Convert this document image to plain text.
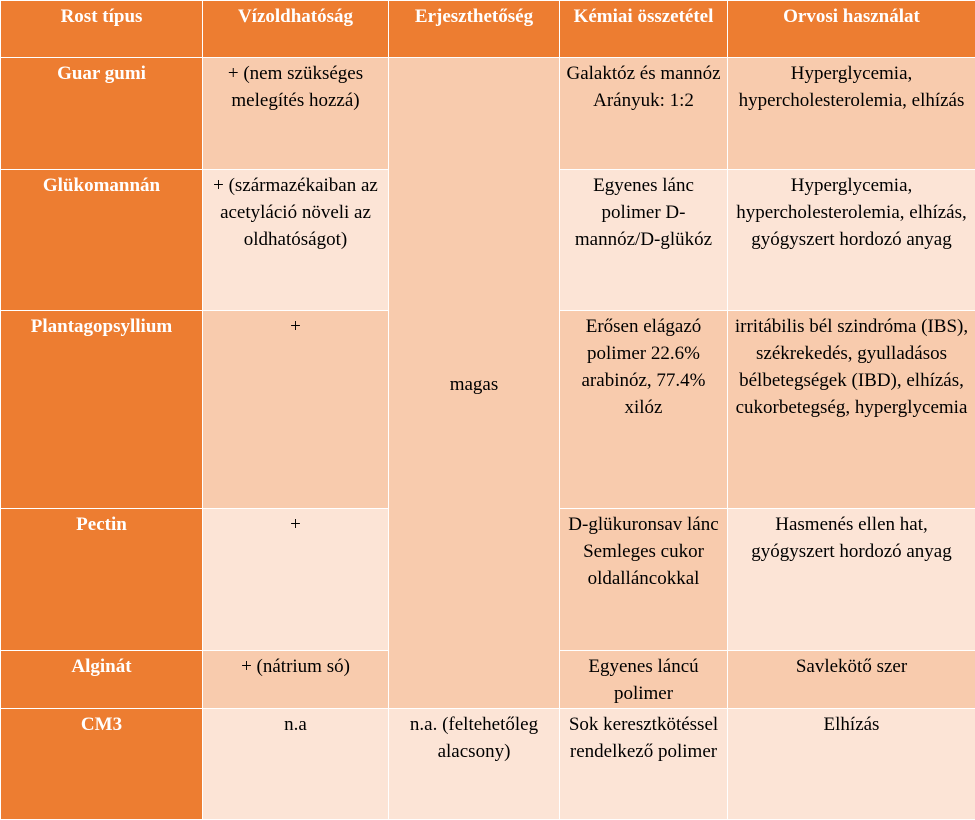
Rost típus	Vízoldhatóság	Erjeszthetőség	Kémiai összetétel	Orvosi használat
Guar gumi	+ (nem szükséges melegítés hozzá)	magas	Galaktóz és mannóz Arányuk: 1:2	Hyperglycemia, hypercholesterolemia, elhízás
Glükomannán	+ (származékaiban az acetyláció növeli az oldhatóságot)		Egyenes lánc polimer D-mannóz/D-glükóz	Hyperglycemia, hypercholesterolemia, elhízás, gyógyszert hordozó anyag
Plantagopsyllium	+		Erősen elágazó polimer 22.6% arabinóz, 77.4% xilóz	irritábilis bél szindróma (IBS), székrekedés, gyulladásos bélbetegségek (IBD), elhízás, cukorbetegség, hyperglycemia
Pectin	+		D-glükuronsav lánc Semleges cukor oldalláncokkal	Hasmenés ellen hat, gyógyszert hordozó anyag
Alginát	+ (nátrium só)		Egyenes láncú polimer	Savlekötő szer
CM3	n.a	n.a. (feltehetőleg alacsony)	Sok keresztkötéssel rendelkező polimer	Elhízás
